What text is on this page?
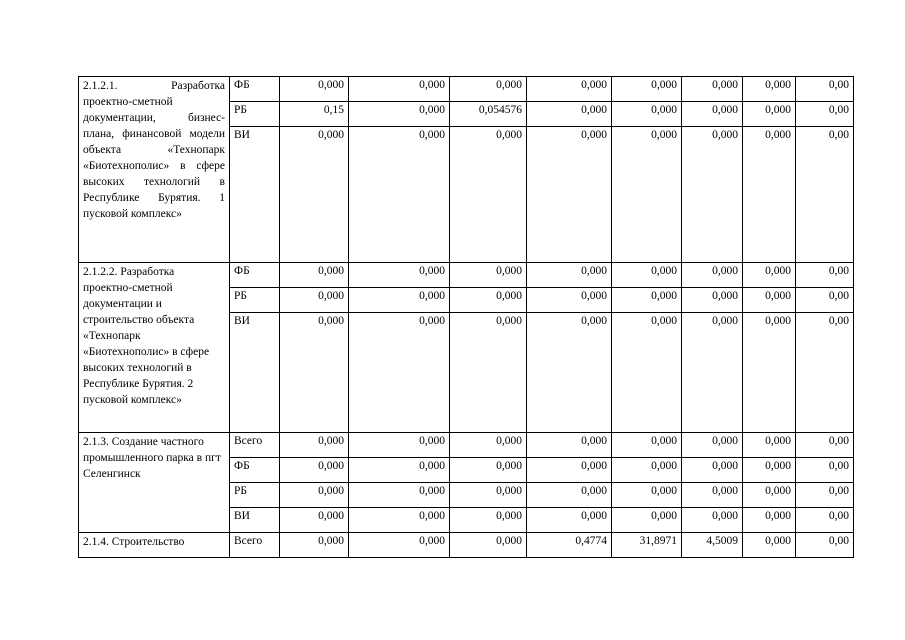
2.1.2.1. Разработка проектно-сметной документации, бизнес-плана, финансовой модели объекта «Технопарк «Биотехнополис» в сфере высоких технологий в Республике Бурятия. 1 пусковой комплекс»	ФБ	0,000	0,000	0,000	0,000	0,000	0,000	0,000	0,00
	РБ	0,15	0,000	0,054576	0,000	0,000	0,000	0,000	0,00
	ВИ	0,000	0,000	0,000	0,000	0,000	0,000	0,000	0,00
2.1.2.2. Разработка проектно-сметной документации и строительство объекта «Технопарк «Биотехнополис» в сфере высоких технологий в Республике Бурятия. 2 пусковой комплекс»	ФБ	0,000	0,000	0,000	0,000	0,000	0,000	0,000	0,00
	РБ	0,000	0,000	0,000	0,000	0,000	0,000	0,000	0,00
	ВИ	0,000	0,000	0,000	0,000	0,000	0,000	0,000	0,00
2.1.3. Создание частного промышленного парка в пгт Селенгинск	Всего	0,000	0,000	0,000	0,000	0,000	0,000	0,000	0,00
	ФБ	0,000	0,000	0,000	0,000	0,000	0,000	0,000	0,00
	РБ	0,000	0,000	0,000	0,000	0,000	0,000	0,000	0,00
	ВИ	0,000	0,000	0,000	0,000	0,000	0,000	0,000	0,00
2.1.4. Строительство	Всего	0,000	0,000	0,000	0,4774	31,8971	4,5009	0,000	0,00
